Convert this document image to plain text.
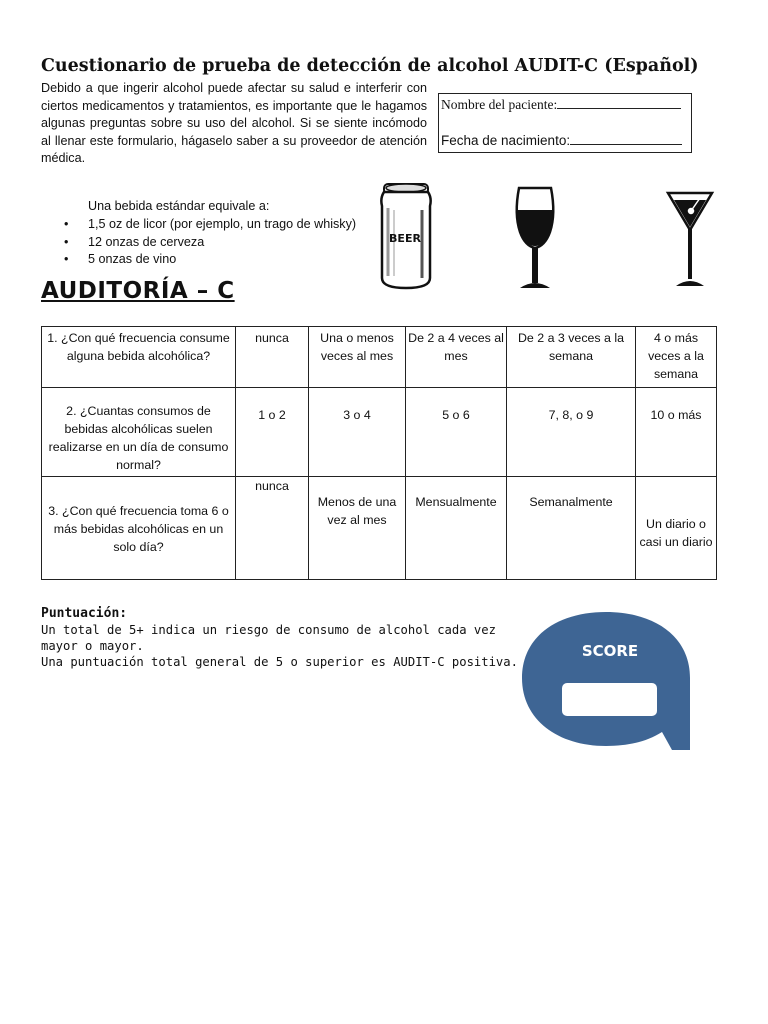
Cuestionario de prueba de detección de alcohol AUDIT-C (Español)
Debido a que ingerir alcohol puede afectar su salud e interferir con ciertos medicamentos y tratamientos, es importante que le hagamos algunas preguntas sobre su uso del alcohol. Si se siente incómodo al llenar este formulario, hágaselo saber a su proveedor de atención médica.
Nombre del paciente:
Fecha de nacimiento:
Una bebida estándar equivale a:
• 1,5 oz de licor (por ejemplo, un trago de whisky)
• 12 onzas de cerveza
• 5 onzas de vino
BEER
AUDITORÍA – C
1. ¿Con qué frecuencia consume alguna bebida alcohólica?	nunca	Una o menos veces al mes	De 2 a 4 veces al mes	De 2 a 3 veces a la semana	4 o más veces a la semana

2. ¿Cuantas consumos de bebidas alcohólicas suelen realizarse en un día de consumo normal?	1 o 2	3 o 4	5 o 6	7, 8, o 9	10 o más

3. ¿Con qué frecuencia toma 6 o más bebidas alcohólicas en un solo día?	nunca	Menos de una vez al mes	Mensualmente	Semanalmente	Un diario o casi un diario
Puntuación:
Un total de 5+ indica un riesgo de consumo de alcohol cada vez mayor o mayor.
Una puntuación total general de 5 o superior es AUDIT-C positiva.
SCORE
